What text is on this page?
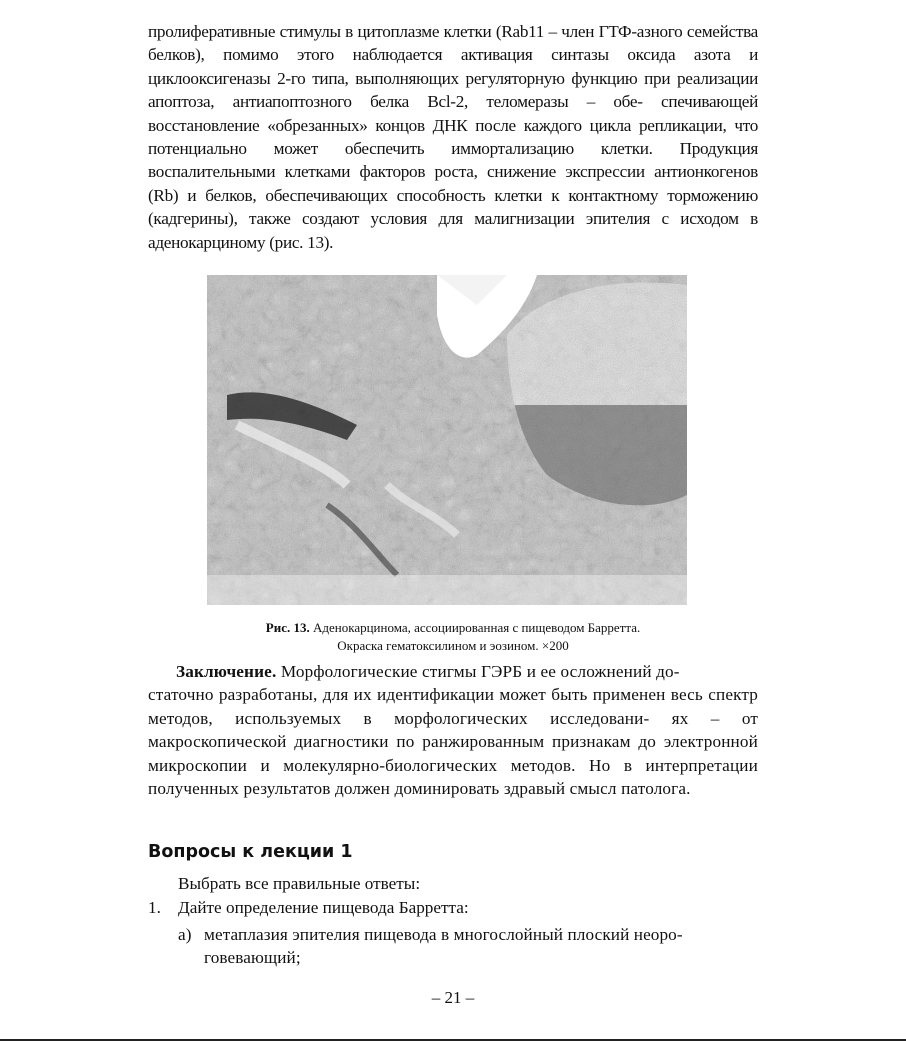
пролиферативные стимулы в цитоплазме клетки (Rab11 – член ГТФ-азного семейства белков), помимо этого наблюдается активация синтазы оксида азота и циклооксигеназы 2-го типа, выполняющих регуляторную функцию при реализации апоптоза, антиапоптозного белка Bcl-2, теломеразы – обе- спечивающей восстановление «обрезанных» концов ДНК после каждого цикла репликации, что потенциально может обеспечить иммортализацию клетки. Продукция воспалительными клетками факторов роста, снижение экспрессии антионкогенов (Rb) и белков, обеспечивающих способность клетки к контактному торможению (кадгерины), также создают условия для малигнизации эпителия с исходом в аденокарциному (рис. 13).

Рис. 13. Аденокарцинома, ассоциированная с пищеводом Барретта.
Окраска гематоксилином и эозином. ×200

Заключение. Морфологические стигмы ГЭРБ и ее осложнений до-
статочно разработаны, для их идентификации может быть применен весь спектр методов, используемых в морфологических исследовани- ях – от макроскопической диагностики по ранжированным признакам до электронной микроскопии и молекулярно-биологических методов. Но в интерпретации полученных результатов должен доминировать здравый смысл патолога.

Вопросы к лекции 1

Выбрать все правильные ответы:

1. Дайте определение пищевода Барретта:

а) метаплазия эпителия пищевода в многослойный плоский неоро-
говевающий;

– 21 –
